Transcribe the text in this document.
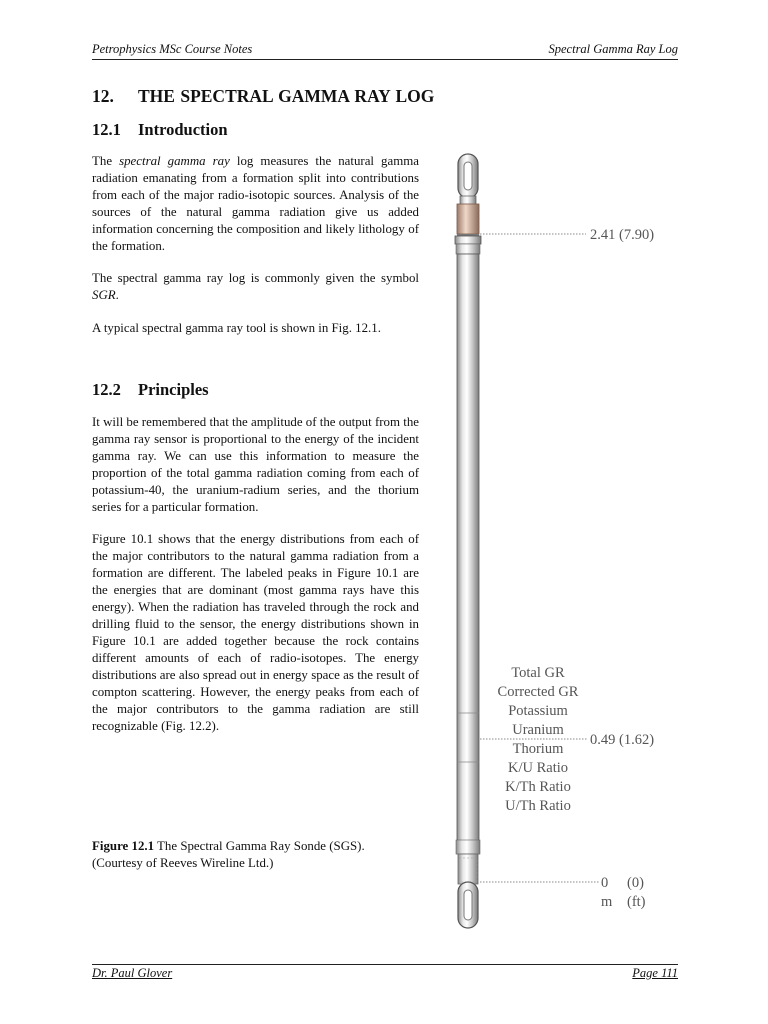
Petrophysics MSc Course Notes	Spectral Gamma Ray Log
12. THE SPECTRAL GAMMA RAY LOG
12.1 Introduction

The spectral gamma ray log measures the natural gamma radiation emanating from a formation split into contributions from each of the major radio-isotopic sources. Analysis of the sources of the natural gamma radiation give us added information concerning the composition and likely lithology of the formation.

The spectral gamma ray log is commonly given the symbol SGR.

A typical spectral gamma ray tool is shown in Fig. 12.1.

12.2 Principles

It will be remembered that the amplitude of the output from the gamma ray sensor is proportional to the energy of the incident gamma ray. We can use this information to measure the proportion of the total gamma radiation coming from each of potassium-40, the uranium-radium series, and the thorium series for a particular formation.

Figure 10.1 shows that the energy distributions from each of the major contributors to the natural gamma radiation from a formation are different. The labeled peaks in Figure 10.1 are the energies that are dominant (most gamma rays have this energy). When the radiation has traveled through the rock and drilling fluid to the sensor, the energy distributions shown in Figure 10.1 are added together because the rock contains different amounts of each of radio-isotopes. The energy distributions are also spread out in energy space as the result of compton scattering. However, the energy peaks from each of the major contributors to the gamma radiation are still recognizable (Fig. 12.2).

Figure 12.1 The Spectral Gamma Ray Sonde (SGS).
(Courtesy of Reeves Wireline Ltd.)
2.41 (7.90)
0.49 (1.62)
0 (0)
m (ft)
Total GR
Corrected GR
Potassium
Uranium
Thorium
K/U Ratio
K/Th Ratio
U/Th Ratio
Dr. Paul Glover	Page 111
